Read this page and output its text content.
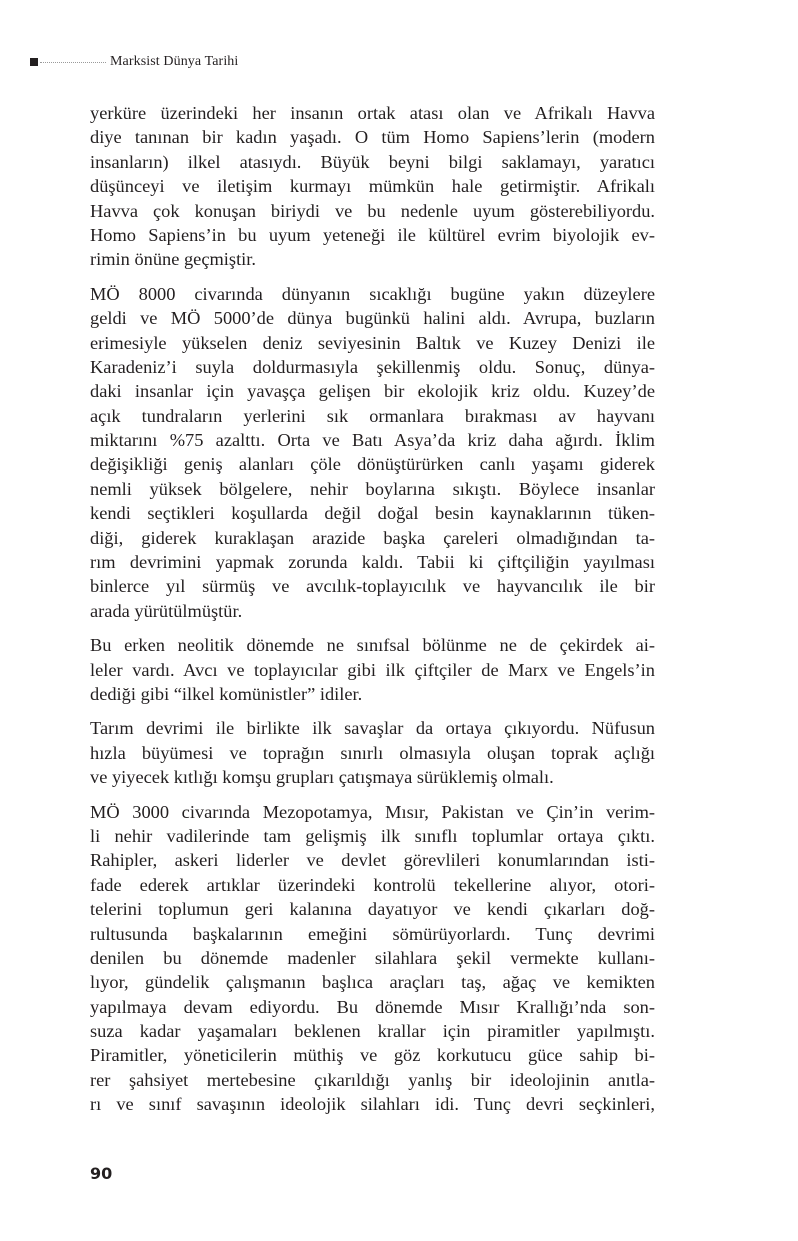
Marksist Dünya Tarihi
yerküre üzerindeki her insanın ortak atası olan ve Afrikalı Havva
diye tanınan bir kadın yaşadı. O tüm Homo Sapiens’lerin (modern
insanların) ilkel atasıydı. Büyük beyni bilgi saklamayı, yaratıcı
düşünceyi ve iletişim kurmayı mümkün hale getirmiştir. Afrikalı
Havva çok konuşan biriydi ve bu nedenle uyum gösterebiliyordu.
Homo Sapiens’in bu uyum yeteneği ile kültürel evrim biyolojik ev-
rimin önüne geçmiştir.
MÖ 8000 civarında dünyanın sıcaklığı bugüne yakın düzeylere
geldi ve MÖ 5000’de dünya bugünkü halini aldı. Avrupa, buzların
erimesiyle yükselen deniz seviyesinin Baltık ve Kuzey Denizi ile
Karadeniz’i suyla doldurmasıyla şekillenmiş oldu. Sonuç, dünya-
daki insanlar için yavaşça gelişen bir ekolojik kriz oldu. Kuzey’de
açık tundraların yerlerini sık ormanlara bırakması av hayvanı
miktarını %75 azalttı. Orta ve Batı Asya’da kriz daha ağırdı. İklim
değişikliği geniş alanları çöle dönüştürürken canlı yaşamı giderek
nemli yüksek bölgelere, nehir boylarına sıkıştı. Böylece insanlar
kendi seçtikleri koşullarda değil doğal besin kaynaklarının tüken-
diği, giderek kuraklaşan arazide başka çareleri olmadığından ta-
rım devrimini yapmak zorunda kaldı. Tabii ki çiftçiliğin yayılması
binlerce yıl sürmüş ve avcılık-toplayıcılık ve hayvancılık ile bir
arada yürütülmüştür.
Bu erken neolitik dönemde ne sınıfsal bölünme ne de çekirdek ai-
leler vardı. Avcı ve toplayıcılar gibi ilk çiftçiler de Marx ve Engels’in
dediği gibi “ilkel komünistler” idiler.
Tarım devrimi ile birlikte ilk savaşlar da ortaya çıkıyordu. Nüfusun
hızla büyümesi ve toprağın sınırlı olmasıyla oluşan toprak açlığı
ve yiyecek kıtlığı komşu grupları çatışmaya sürüklemiş olmalı.
MÖ 3000 civarında Mezopotamya, Mısır, Pakistan ve Çin’in verim-
li nehir vadilerinde tam gelişmiş ilk sınıflı toplumlar ortaya çıktı.
Rahipler, askeri liderler ve devlet görevlileri konumlarından isti-
fade ederek artıklar üzerindeki kontrolü tekellerine alıyor, otori-
telerini toplumun geri kalanına dayatıyor ve kendi çıkarları doğ-
rultusunda başkalarının emeğini sömürüyorlardı. Tunç devrimi
denilen bu dönemde madenler silahlara şekil vermekte kullanı-
lıyor, gündelik çalışmanın başlıca araçları taş, ağaç ve kemikten
yapılmaya devam ediyordu. Bu dönemde Mısır Krallığı’nda son-
suza kadar yaşamaları beklenen krallar için piramitler yapılmıştı.
Piramitler, yöneticilerin müthiş ve göz korkutucu güce sahip bi-
rer şahsiyet mertebesine çıkarıldığı yanlış bir ideolojinin anıtla-
rı ve sınıf savaşının ideolojik silahları idi. Tunç devri seçkinleri,
90
